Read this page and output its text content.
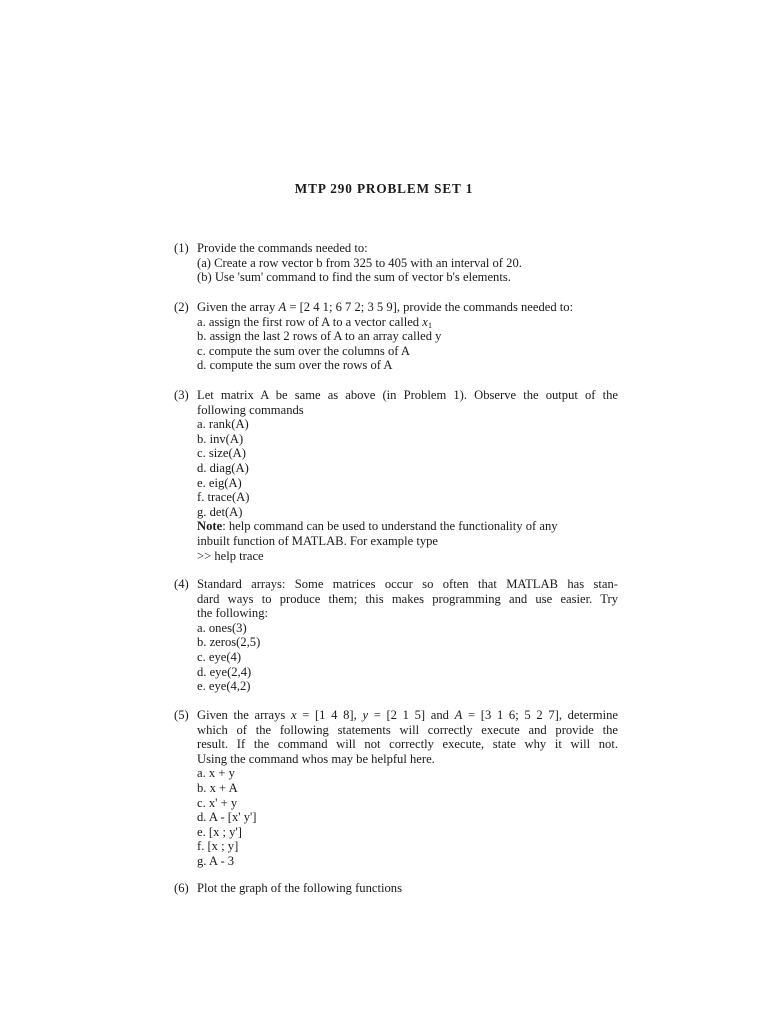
MTP 290 PROBLEM SET 1
(1) Provide the commands needed to:
(a) Create a row vector b from 325 to 405 with an interval of 20.
(b) Use 'sum' command to find the sum of vector b's elements.
(2) Given the array A = [2 4 1; 6 7 2; 3 5 9], provide the commands needed to:
a. assign the first row of A to a vector called $x_1$
b. assign the last 2 rows of A to an array called y
c. compute the sum over the columns of A
d. compute the sum over the rows of A
(3) Let matrix A be same as above (in Problem 1). Observe the output of the
following commands
a. rank(A)
b. inv(A)
c. size(A)
d. diag(A)
e. eig(A)
f. trace(A)
g. det(A)
Note: help command can be used to understand the functionality of any
inbuilt function of MATLAB. For example type
>> help trace
(4) Standard arrays: Some matrices occur so often that MATLAB has stan-
dard ways to produce them; this makes programming and use easier. Try
the following:
a. ones(3)
b. zeros(2,5)
c. eye(4)
d. eye(2,4)
e. eye(4,2)
(5) Given the arrays x = [1 4 8], y = [2 1 5] and A = [3 1 6; 5 2 7], determine
which of the following statements will correctly execute and provide the
result. If the command will not correctly execute, state why it will not.
Using the command whos may be helpful here.
a. x + y
b. x + A
c. x' + y
d. A - [x' y']
e. [x ; y']
f. [x ; y]
g. A - 3
(6) Plot the graph of the following functions
